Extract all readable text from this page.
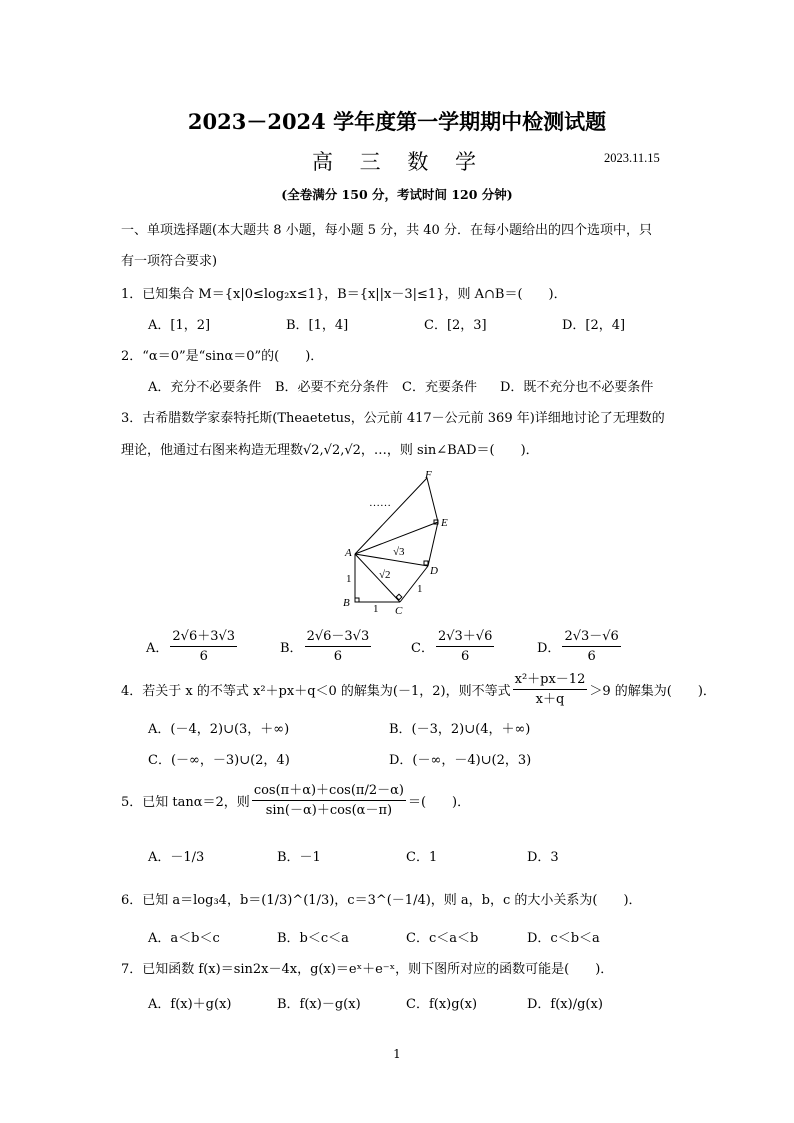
2023－2024 学年度第一学期期中检测试题
高 三 数 学	2023.11.15
(全卷满分 150 分，考试时间 120 分钟)
一、单项选择题(本大题共 8 小题，每小题 5 分，共 40 分．在每小题给出的四个选项中，只
有一项符合要求)
1．已知集合 M＝{x|0≤log₂x≤1}，B＝{x||x－3|≤1}，则 A∩B＝(　　)．
A．[1，2]	B．[1，4]	C．[2，3]	D．[2，4]
2．“α＝0”是“sinα＝0”的(　　)．
A．充分不必要条件 B．必要不充分条件 C．充要条件 D．既不充分也不必要条件
3．古希腊数学家泰特托斯(Theaetetus，公元前 417－公元前 369 年)详细地讨论了无理数的
理论，他通过右图来构造无理数√2,√2,√2，…，则 sin∠BAD＝(　　)．
F
E
A
D
B
C
1
1
1
√3
√2
……
A． $\frac{2√6+3√3}{6}$	B． $\frac{2√6-3√3}{6}$	C． $\frac{2√3+√6}{6}$	D． $\frac{2√3-√6}{6}$
4．若关于 x 的不等式 x²＋px＋q＜0 的解集为(－1，2)，则不等式 $\frac{\text{x²＋px－12}}{x+q} >9$ 的解集为(　　)．
A．(－4，2)∪(3，＋∞)	B．(－3，2)∪(4，＋∞)
C．(－∞，－3)∪(2，4)	D．(－∞，－4)∪(2，3)
5．已知 tanα＝2，则 $\frac{\cos(\pi+\alpha)+\cos(\pi/2-\alpha)}{\sin(-\alpha)+\cos(\alpha-\pi)}$ ＝(　　)．
A．－1/3	B．－1	C．1	D．3
6．已知 a＝log₃4，b＝(1/3)^(1/3)，c＝3^(－1/4)，则 a，b，c 的大小关系为(　　)．
A．a＜b＜c	B．b＜c＜a	C．c＜a＜b	D．c＜b＜a
7．已知函数 f(x)＝sin2x－4x，g(x)＝eˣ＋e⁻ˣ，则下图所对应的函数可能是(　　)．
A．f(x)＋g(x)	B．f(x)－g(x)	C．f(x)g(x)	D．f(x)/g(x)
1
